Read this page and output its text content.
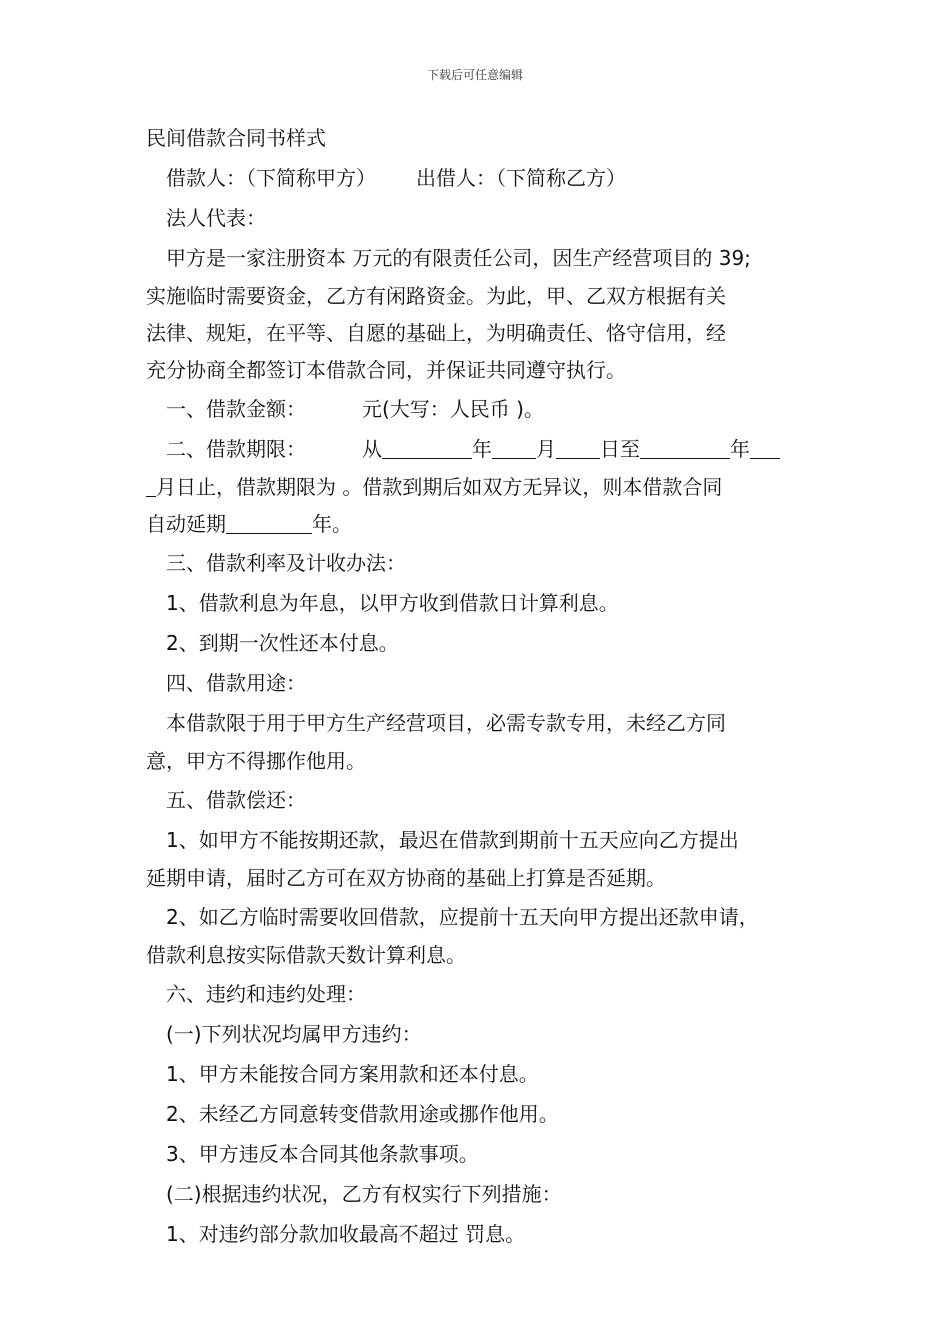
下载后可任意编辑
民间借款合同书样式
借款人：（下简称甲方） 出借人：（下简称乙方）
法人代表：
甲方是一家注册资本 万元的有限责任公司，因生产经营项目的 39;
实施临时需要资金，乙方有闲路资金。为此，甲、乙双方根据有关
法律、规矩，在平等、自愿的基础上，为明确责任、恪守信用，经
充分协商全都签订本借款合同，并保证共同遵守执行。
一、借款金额：	元(大写：人民币 )。
二、借款期限：	从	年 月 日至	年
月日止，借款期限为 。借款到期后如双方无异议，则本借款合同
自动延期	年。
三、借款利率及计收办法：
1、借款利息为年息，以甲方收到借款日计算利息。
2、到期一次性还本付息。
四、借款用途：
本借款限于用于甲方生产经营项目，必需专款专用，未经乙方同
意，甲方不得挪作他用。
五、借款偿还：
1、如甲方不能按期还款，最迟在借款到期前十五天应向乙方提出
延期申请，届时乙方可在双方协商的基础上打算是否延期。
2、如乙方临时需要收回借款，应提前十五天向甲方提出还款申请，
借款利息按实际借款天数计算利息。
六、违约和违约处理：
(一)下列状况均属甲方违约：
1、甲方未能按合同方案用款和还本付息。
2、未经乙方同意转变借款用途或挪作他用。
3、甲方违反本合同其他条款事项。
(二)根据违约状况，乙方有权实行下列措施：
1、对违约部分款加收最高不超过 罚息。
